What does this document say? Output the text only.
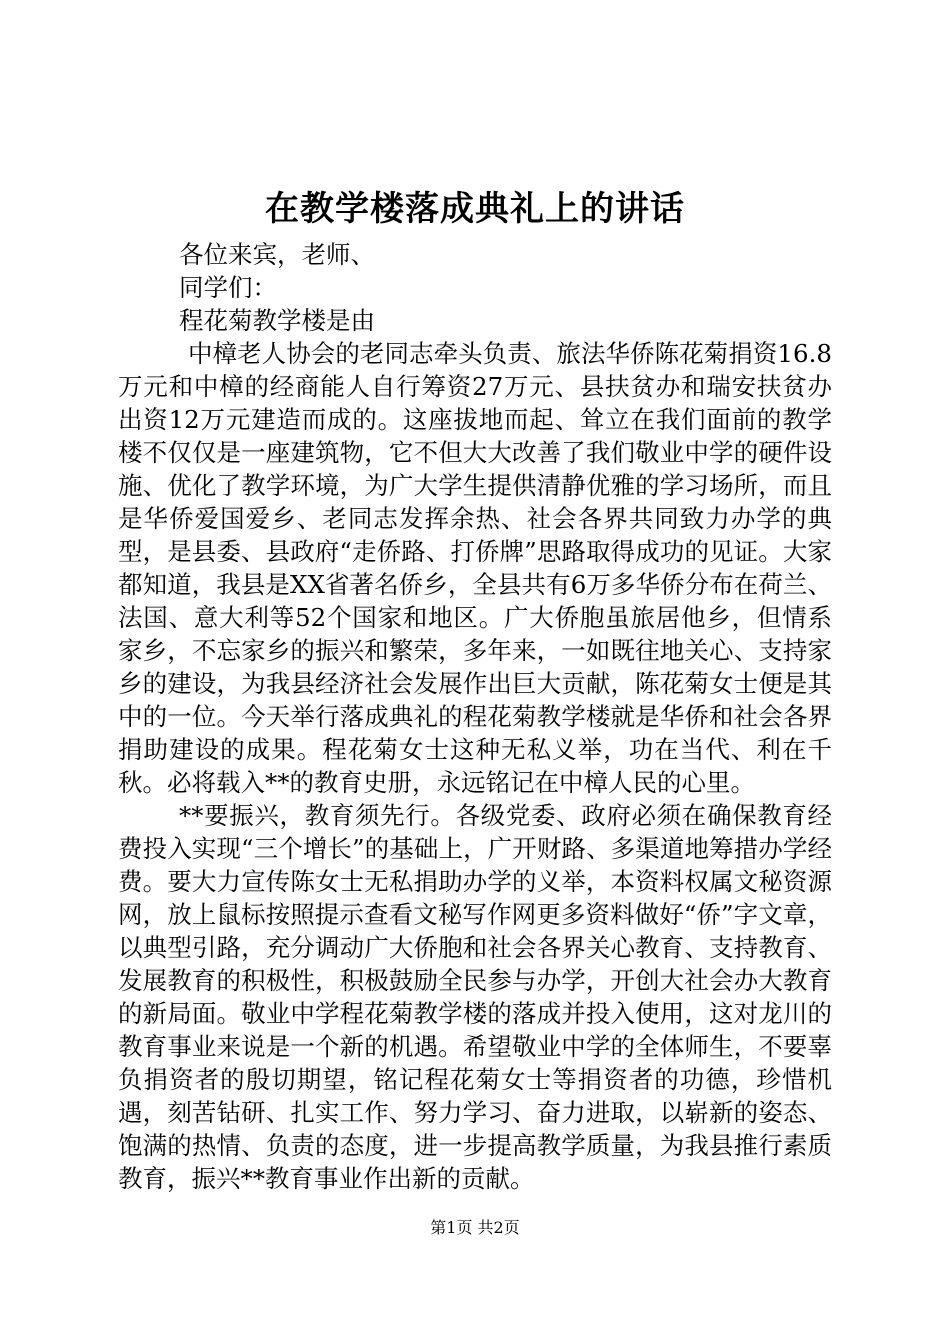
在教学楼落成典礼上的讲话
各位来宾，老师、
同学们：
程花菊教学楼是由

中樟老人协会的老同志牵头负责、旅法华侨陈花菊捐资16.8万元和中樟的经商能人自行筹资27万元、县扶贫办和瑞安扶贫办出资12万元建造而成的。这座拔地而起、耸立在我们面前的教学楼不仅仅是一座建筑物，它不但大大改善了我们敬业中学的硬件设施、优化了教学环境，为广大学生提供清静优雅的学习场所，而且是华侨爱国爱乡、老同志发挥余热、社会各界共同致力办学的典型，是县委、县政府“走侨路、打侨牌”思路取得成功的见证。大家都知道，我县是XX省著名侨乡，全县共有6万多华侨分布在荷兰、法国、意大利等52个国家和地区。广大侨胞虽旅居他乡，但情系家乡，不忘家乡的振兴和繁荣，多年来，一如既往地关心、支持家乡的建设，为我县经济社会发展作出巨大贡献，陈花菊女士便是其中的一位。今天举行落成典礼的程花菊教学楼就是华侨和社会各界捐助建设的成果。程花菊女士这种无私义举，功在当代、利在千秋。必将载入**的教育史册，永远铭记在中樟人民的心里。

**要振兴，教育须先行。各级党委、政府必须在确保教育经费投入实现“三个增长”的基础上，广开财路、多渠道地筹措办学经费。要大力宣传陈女士无私捐助办学的义举，本资料权属文秘资源网，放上鼠标按照提示查看文秘写作网更多资料做好“侨”字文章，以典型引路，充分调动广大侨胞和社会各界关心教育、支持教育、发展教育的积极性，积极鼓励全民参与办学，开创大社会办大教育的新局面。敬业中学程花菊教学楼的落成并投入使用，这对龙川的教育事业来说是一个新的机遇。希望敬业中学的全体师生，不要辜负捐资者的殷切期望，铭记程花菊女士等捐资者的功德，珍惜机遇，刻苦钻研、扎实工作、努力学习、奋力进取，以崭新的姿态、饱满的热情、负责的态度，进一步提高教学质量，为我县推行素质教育，振兴**教育事业作出新的贡献。

第1页 共2页
